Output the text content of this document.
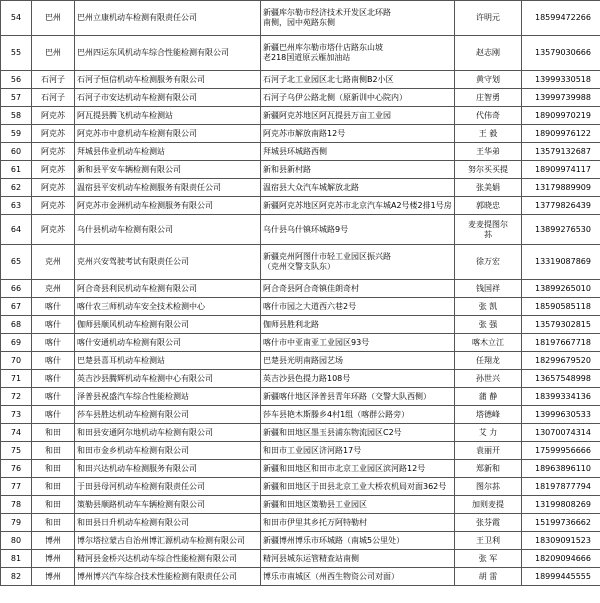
54	巴州	巴州立康机动车检测有限责任公司	新疆库尔勒市经济技术开发区北环路
南侧，园中苑路东侧	许明元	18599472266
55	巴州	巴州四运东风机动车综合性能检测有限公司	新疆巴州库尔勒市塔什店路东山坡
老218国道原云雁加油站	赵志刚	13579030666
56	石河子	石河子恒信机动车检测服务有限公司	石河子北工业园区北七路南侧B2小区	黄守划	13999330518
57	石河子	石河子市安达机动车检测有限公司	石河子乌伊公路北侧（原新训中心院内）	庄智勇	13999739988
58	阿克苏	阿瓦提县腾飞机动车检测站	新疆阿克苏地区阿瓦提县万亩工业园	代伟奇	18909970219
59	阿克苏	阿克苏市中意机动车检测有限公司	阿克苏市解放南路12号	王 毅	18909976122
60	阿克苏	拜城县伟业机动车检测站	拜城县环城路西侧	王华弟	13579132687
61	阿克苏	新和县平安车辆检测有限公司	新和县新村路	努尔买买提	18909974117
62	阿克苏	温宿县平安机动车检测服务有限责任公司	温宿县大众汽车城解放北路	张美娟	13179889909
63	阿克苏	阿克苏市金洲机动车检测服务有限公司	新疆阿克苏地区阿克苏市北京汽车城A2号楼2排1号房	郭晓忠	13779826439
64	阿克苏	乌什县机动车检测有限公司	乌什县乌什镇环城路9号	麦麦提图尔
荪	13899276530
65	克州	克州兴安驾驶考试有限责任公司	新疆克州阿图什市轻工业园区振兴路
（克州交警支队东）	徐万宏	13319087869
66	克州	阿合奇县利民机动车检测有限公司	阿合奇县阿合奇镇佳朗奇村	钱国祥	13899265010
67	喀什	喀什农三师机动车安全技术检测中心	喀什市园之大道西六巷2号	张 凯	18590585118
68	喀什	伽师县顺风机动车检测有限公司	伽师县胜利北路	张 强	13579302815
69	喀什	喀什安通机动车检测有限公司	喀什市中亚南亚工业园区93号	喀木立江	18197667718
70	喀什	巴楚县喜耳机动车检测站	巴楚县光明南路园艺场	任翔龙	18299679520
71	喀什	英吉沙县腾辉机动车检测中心有限公司	英吉沙县色提力路108号	孙世兴	13657548998
72	喀什	泽普县祝盛汽车综合性能检测站	新疆喀什地区泽普县青年环路（交警大队西侧）	蒲 静	18399334136
73	喀什	莎车县胜达机动车检测有限公司	莎车县艳木斯滕乡4村1组（喀群公路旁）	塔德峰	13999630533
74	和田	和田县安通阿尔地机动车检测有限公司	新疆和田地区墨玉县浦东物流园区C2号	艾 力	13070074314
75	和田	和田市金乡机动车检测有限公司	和田市工业园区济河路17号	袁丽开	17599956666
76	和田	和田兴达机动车检测服务有限公司	新疆和田地区和田市北京工业园区滨河路12号	郑新和	18963896110
77	和田	于田县母河机动车检测有限责任公司	新疆和田地区于田县北京工业大桥农机局对面362号	图尔荪	18197877794
78	和田	策勒县顺路机动车车辆检测有限公司	新疆和田地区策勒县工业园区	加则麦提	13199808269
79	和田	和田县日升机动车检测有限公司	和田市伊里其乡托万阿特勒村	张芬霞	15199736662
80	博州	博尔塔拉蒙古自治州博汇源机动车检测有限公司	新疆博州博乐市环城路（南城5公里处）	王卫利	18309091523
81	博州	精河县金桥兴达机动车综合性能检测有限公司	精河县城东运管精查站南侧	张 军	18209094666
82	博州	博州博兴汽车综合技术性能检测有限责任公司	博乐市南城区（州西生物资公司对面）	胡 雷	18999445555
